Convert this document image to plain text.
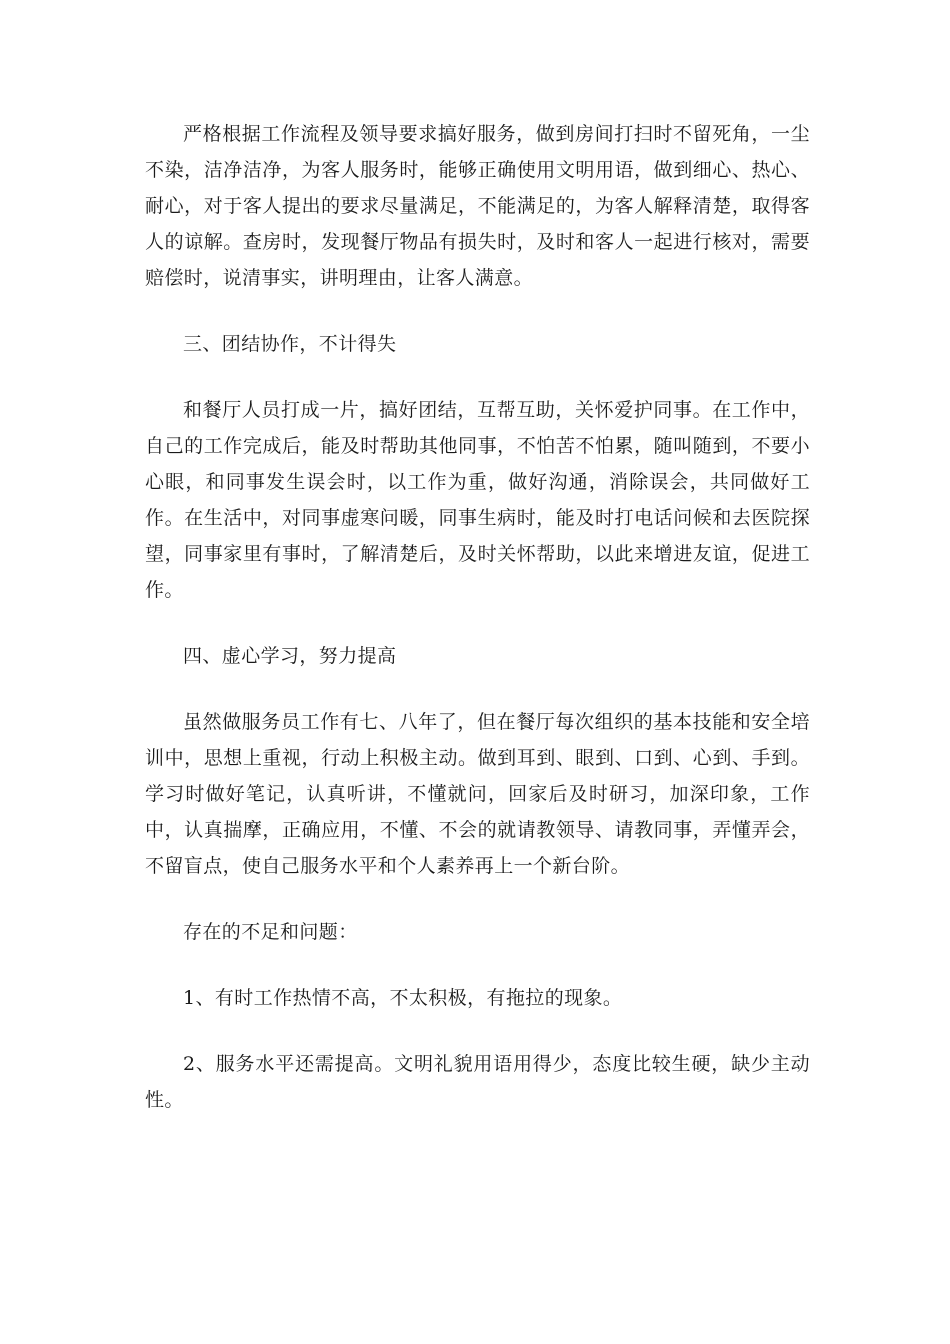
严格根据工作流程及领导要求搞好服务，做到房间打扫时不留死角，一尘不染，洁净洁净，为客人服务时，能够正确使用文明用语，做到细心、热心、耐心，对于客人提出的要求尽量满足，不能满足的，为客人解释清楚，取得客人的谅解。查房时，发现餐厅物品有损失时，及时和客人一起进行核对，需要赔偿时，说清事实，讲明理由，让客人满意。

三、团结协作，不计得失

和餐厅人员打成一片，搞好团结，互帮互助，关怀爱护同事。在工作中，自己的工作完成后，能及时帮助其他同事，不怕苦不怕累，随叫随到，不要小心眼，和同事发生误会时，以工作为重，做好沟通，消除误会，共同做好工作。在生活中，对同事虚寒问暖，同事生病时，能及时打电话问候和去医院探望，同事家里有事时，了解清楚后，及时关怀帮助，以此来增进友谊，促进工作。

四、虚心学习，努力提高

虽然做服务员工作有七、八年了，但在餐厅每次组织的基本技能和安全培训中，思想上重视，行动上积极主动。做到耳到、眼到、口到、心到、手到。学习时做好笔记，认真听讲，不懂就问，回家后及时研习，加深印象，工作中，认真揣摩，正确应用，不懂、不会的就请教领导、请教同事，弄懂弄会，不留盲点，使自己服务水平和个人素养再上一个新台阶。

存在的不足和问题：

1、有时工作热情不高，不太积极，有拖拉的现象。

2、服务水平还需提高。文明礼貌用语用得少，态度比较生硬，缺少主动性。
